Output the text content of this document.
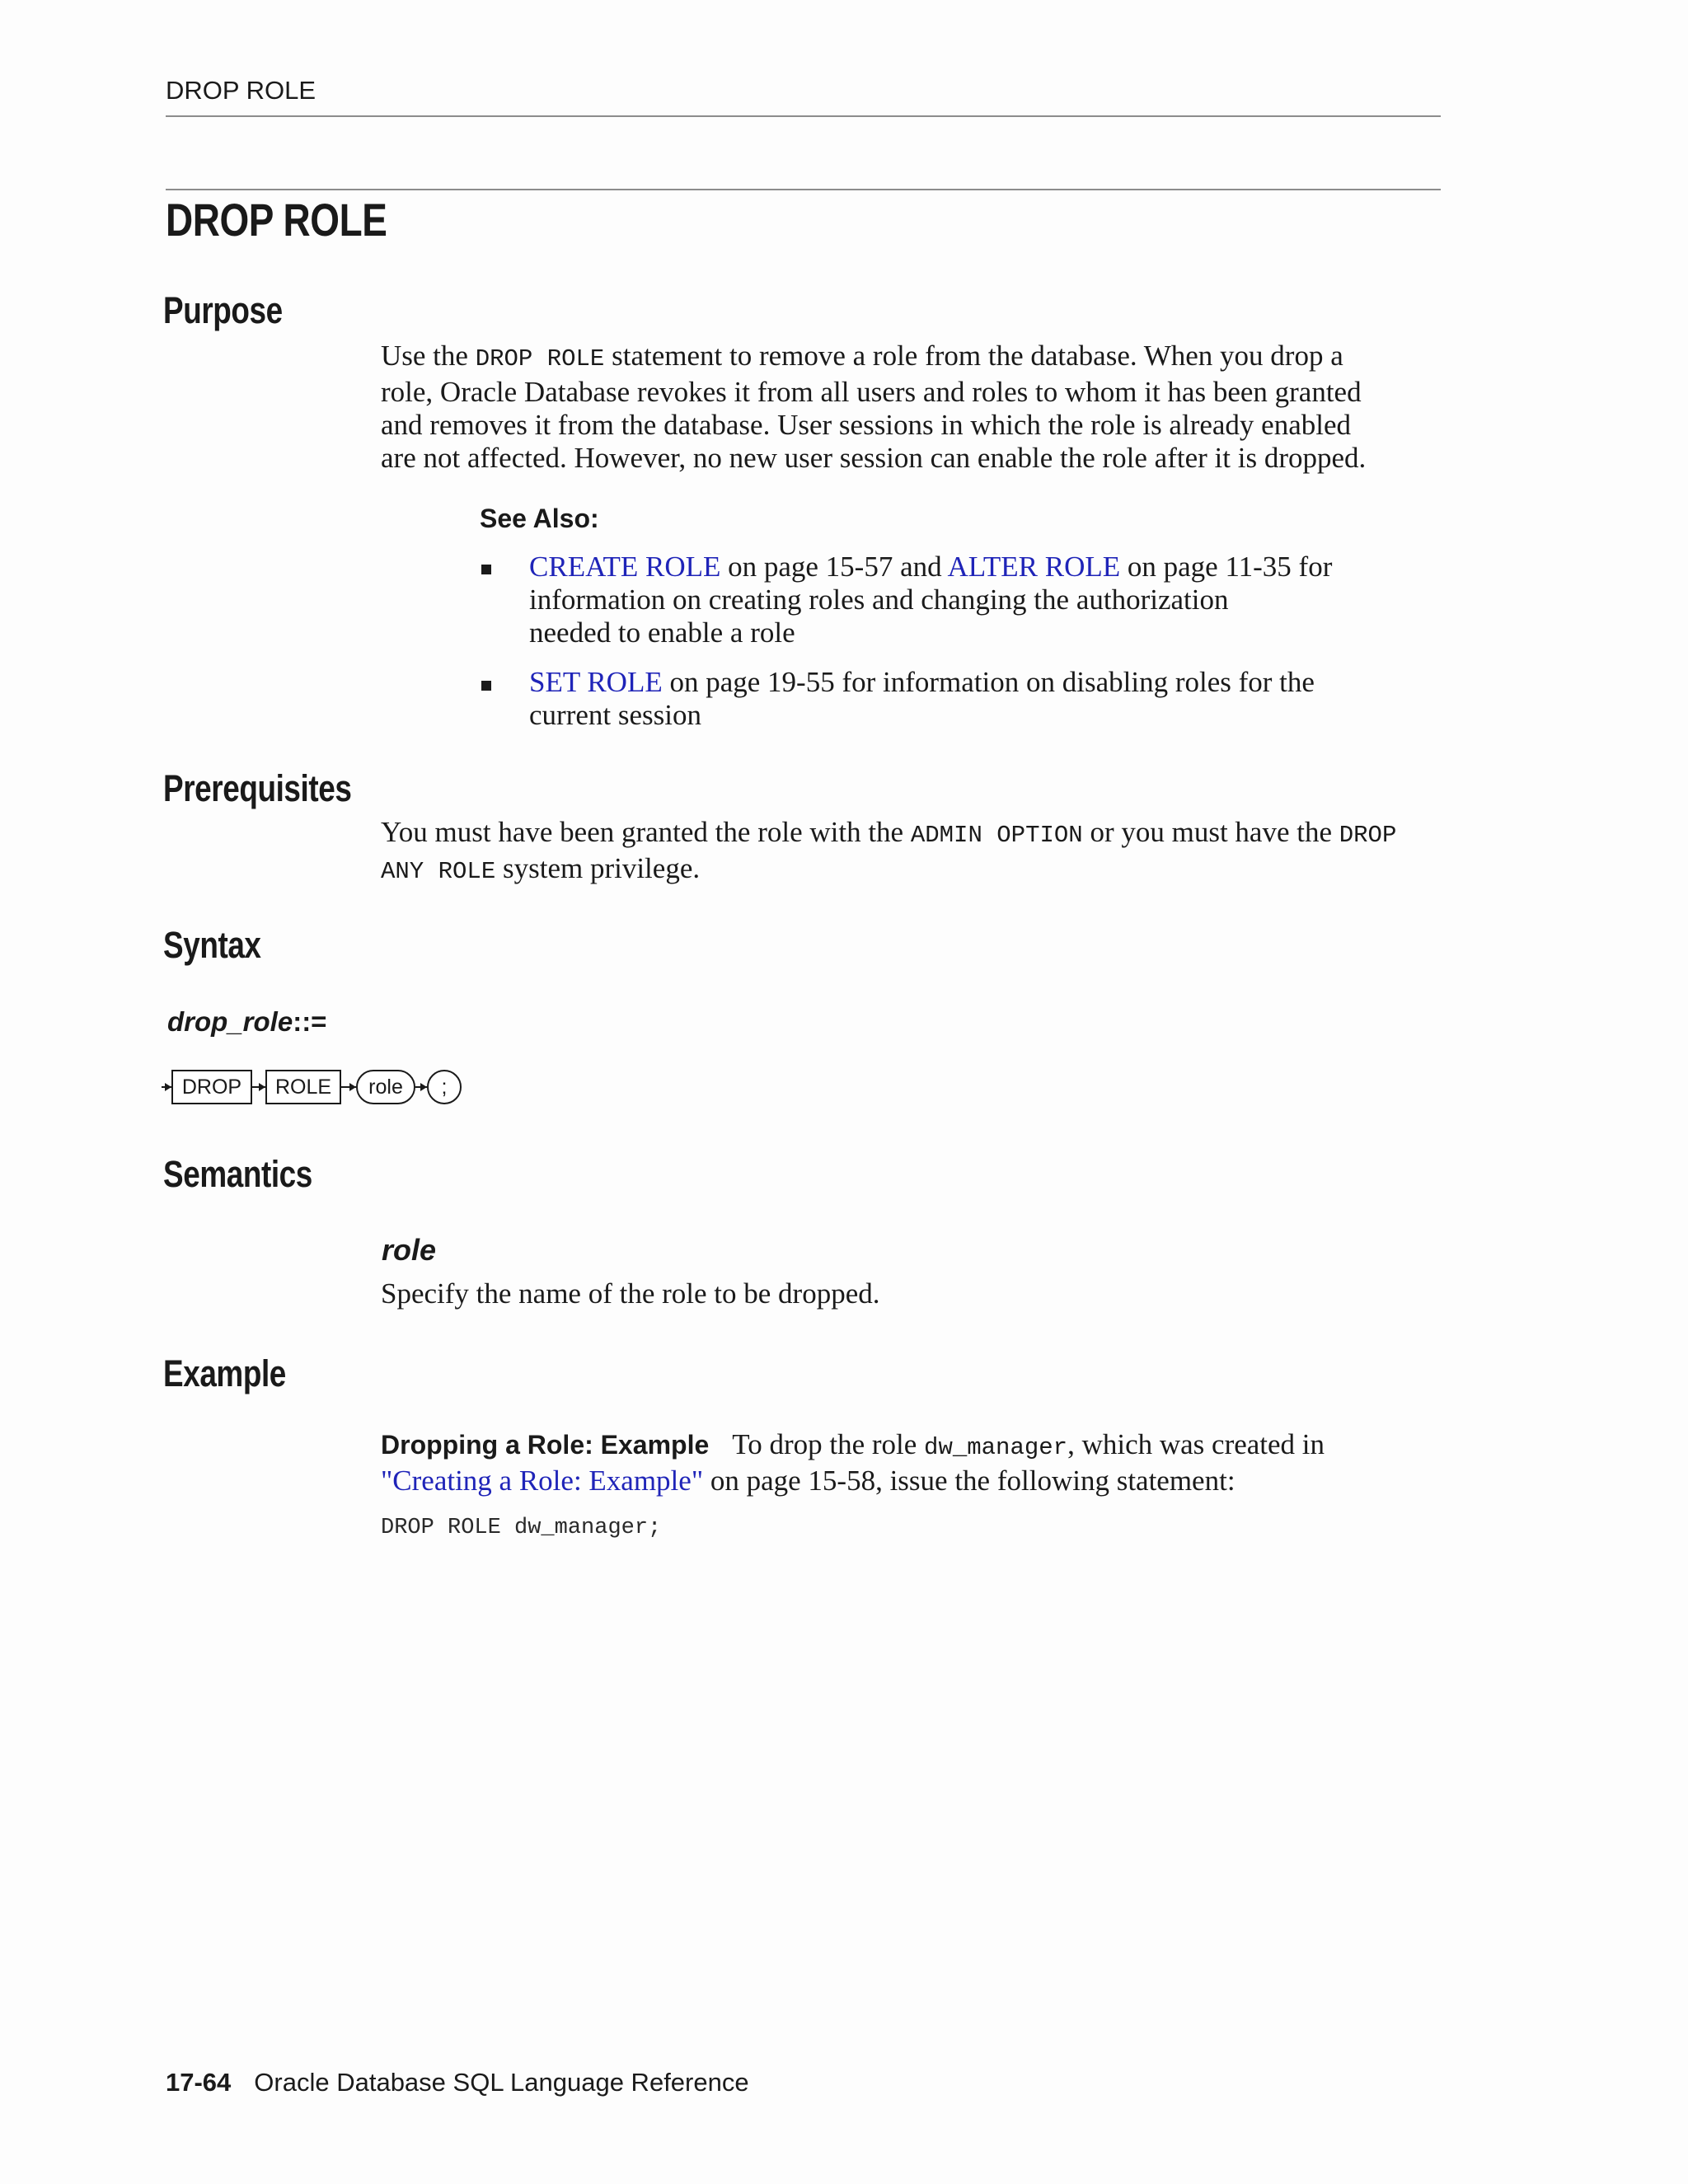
DROP ROLE
DROP ROLE
Purpose
Use the DROP ROLE statement to remove a role from the database. When you drop a
role, Oracle Database revokes it from all users and roles to whom it has been granted
and removes it from the database. User sessions in which the role is already enabled
are not affected. However, no new user session can enable the role after it is dropped.
See Also:
CREATE ROLE on page 15-57 and ALTER ROLE on page 11-35 for
information on creating roles and changing the authorization
needed to enable a role
SET ROLE on page 19-55 for information on disabling roles for the
current session
Prerequisites
You must have been granted the role with the ADMIN OPTION or you must have the DROP
ANY ROLE system privilege.
Syntax
drop_role::=
DROP	ROLE	role	;
Semantics
role
Specify the name of the role to be dropped.
Example
Dropping a Role: Example To drop the role dw_manager, which was created in
"Creating a Role: Example" on page 15-58, issue the following statement:
DROP ROLE dw_manager;
17-64 Oracle Database SQL Language Reference
